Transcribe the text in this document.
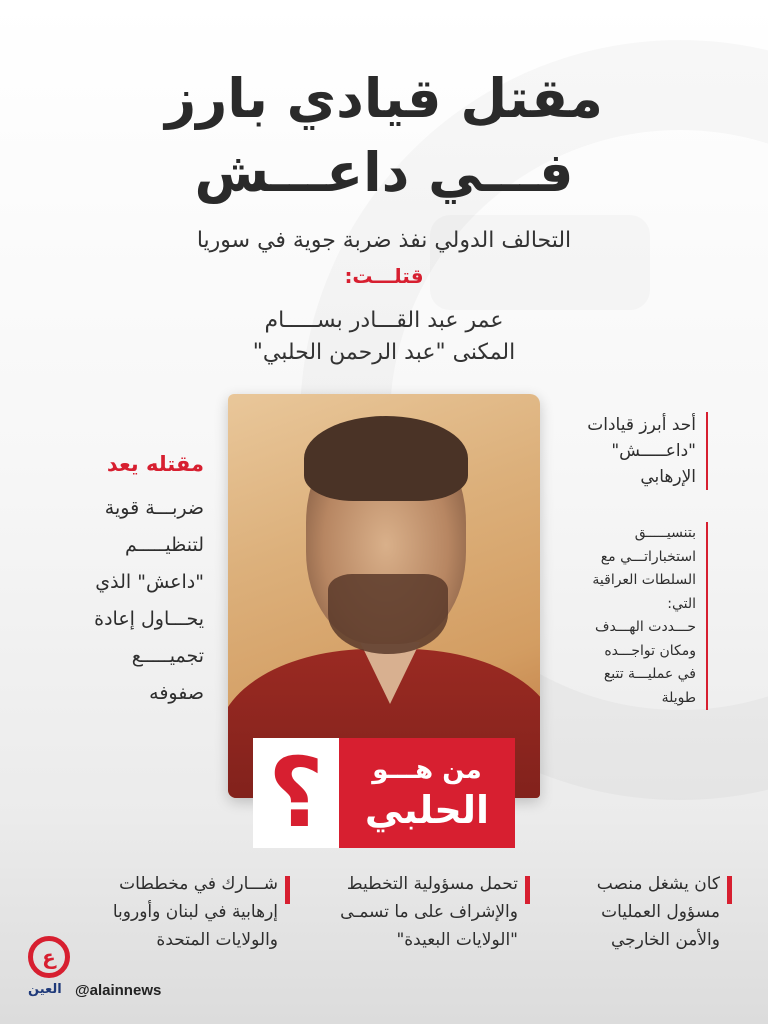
مقتل قيادي بارز
فـــي داعـــش
التحالف الدولي نفذ ضربة جوية في سوريا
قتلـــت:
عمر عبد القـــادر بســـــام
المكنى "عبد الرحمن الحلبي"
؟	من هـــو
الحلبي
مقتله يعد
ضربـــة قوية
لتنظيـــــم
"داعش" الذي
يحـــاول إعادة
تجميـــــع
صفوفه
أحد أبرز قيادات
"داعـــــش"
الإرهابي
بتنسيـــــق
استخباراتـــي مع
السلطات العراقية
التي:
حـــددت الهـــدف
ومكان تواجـــده
في عمليـــة تتبع
طويلة
كان يشغل منصب
مسؤول العمليات
والأمن الخارجي
تحمل مسؤولية التخطيط
والإشراف على ما تسمـى
"الولايات البعيدة"
شـــارك في مخططات
إرهابية في لبنان وأوروبا
والولايات المتحدة
ع
العين @alainnews
